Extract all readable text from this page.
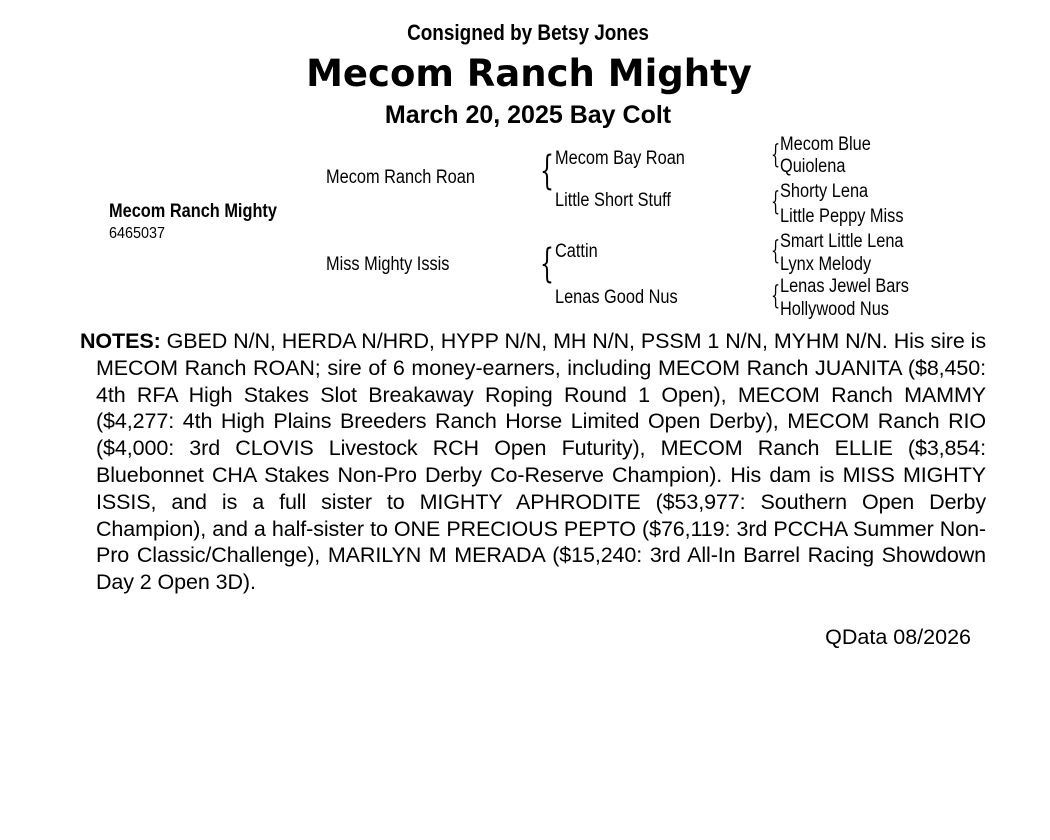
Consigned by Betsy Jones
Mecom Ranch Mighty
March 20, 2025 Bay Colt
Mecom Ranch Mighty
6465037
Mecom Ranch Roan
Miss Mighty Issis
{
{
Mecom Bay Roan
Little Short Stuff
Cattin
Lenas Good Nus
{
{
{
{
Mecom Blue
Quiolena
Shorty Lena
Little Peppy Miss
Smart Little Lena
Lynx Melody
Lenas Jewel Bars
Hollywood Nus
NOTES: GBED N/N, HERDA N/HRD, HYPP N/N, MH N/N, PSSM 1 N/N, MYHM N/N. His sire is MECOM Ranch ROAN; sire of 6 money-earners, including MECOM Ranch JUANITA ($8,450: 4th RFA High Stakes Slot Breakaway Roping Round 1 Open), MECOM Ranch MAMMY ($4,277: 4th High Plains Breeders Ranch Horse Limited Open Derby), MECOM Ranch RIO ($4,000: 3rd CLOVIS Livestock RCH Open Futurity), MECOM Ranch ELLIE ($3,854: Bluebonnet CHA Stakes Non-Pro Derby Co-Reserve Champion). His dam is MISS MIGHTY ISSIS, and is a full sister to MIGHTY APHRODITE ($53,977: Southern Open Derby Champion), and a half-sister to ONE PRECIOUS PEPTO ($76,119: 3rd PCCHA Summer Non-Pro Classic/Challenge), MARILYN M MERADA ($15,240: 3rd All-In Barrel Racing Showdown Day 2 Open 3D).
QData 08/2026
